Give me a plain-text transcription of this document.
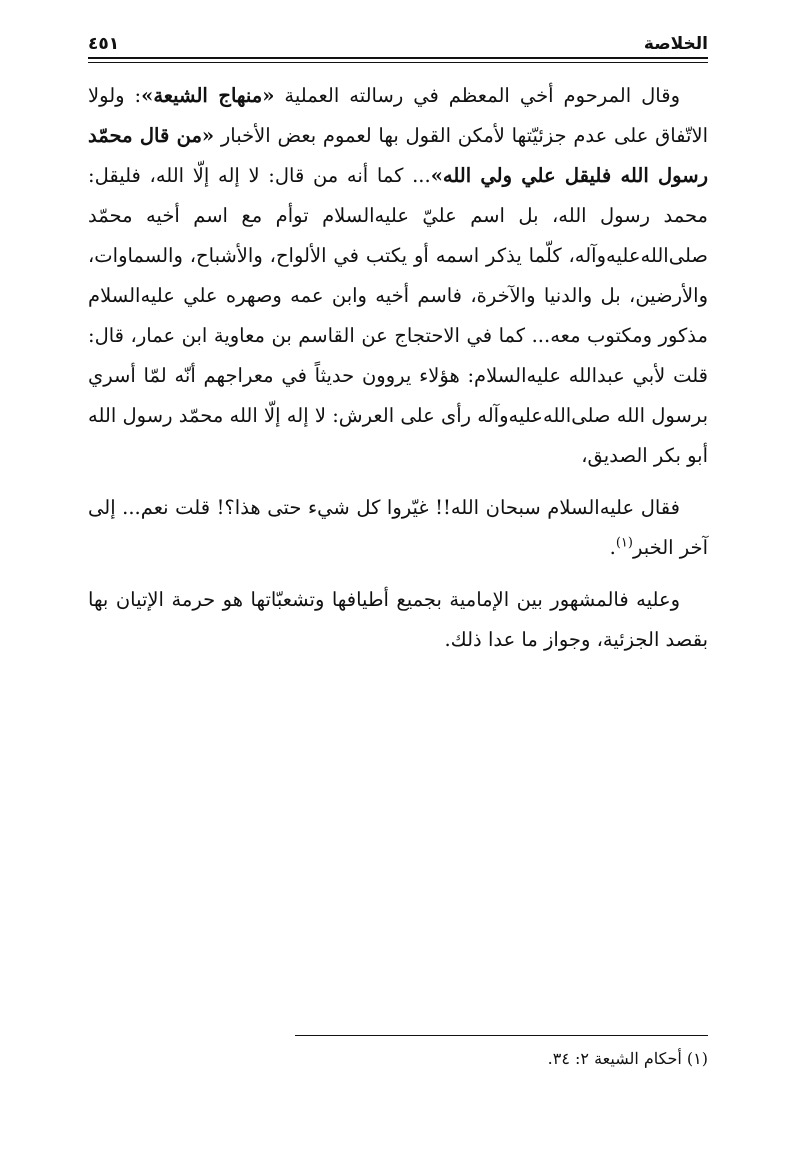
الخلاصة
٤٥١

وقال المرحوم أخي المعظم في رسالته العملية «منهاج الشيعة»: ولولا الاتّفاق على عدم جزئيّتها لأمكن القول بها لعموم بعض الأخبار «من قال محمّد رسول الله فليقل علي ولي الله»... كما أنه من قال: لا إله إلّا الله، فليقل: محمد رسول الله، بل اسم عليّ عليه‌السلام توأم مع اسم أخيه محمّد صلى‌الله‌عليه‌وآله، كلّما يذكر اسمه أو يكتب في الألواح، والأشباح، والسماوات، والأرضين، بل والدنيا والآخرة، فاسم أخيه وابن عمه وصهره علي عليه‌السلام مذكور ومكتوب معه... كما في الاحتجاج عن القاسم بن معاوية ابن عمار، قال: قلت لأبي عبدالله عليه‌السلام: هؤلاء يروون حديثاً في معراجهم أنّه لمّا أسري برسول الله صلى‌الله‌عليه‌وآله رأى على العرش: لا إله إلّا الله محمّد رسول الله أبو بكر الصديق،

فقال عليه‌السلام سبحان الله!! غيّروا كل شيء حتى هذا؟! قلت نعم... إلى آخر الخبر$^{(١)}$.

وعليه فالمشهور بين الإمامية بجميع أطيافها وتشعبّاتها هو حرمة الإتيان بها بقصد الجزئية، وجواز ما عدا ذلك.

(١) أحكام الشيعة ٢: ٣٤.
